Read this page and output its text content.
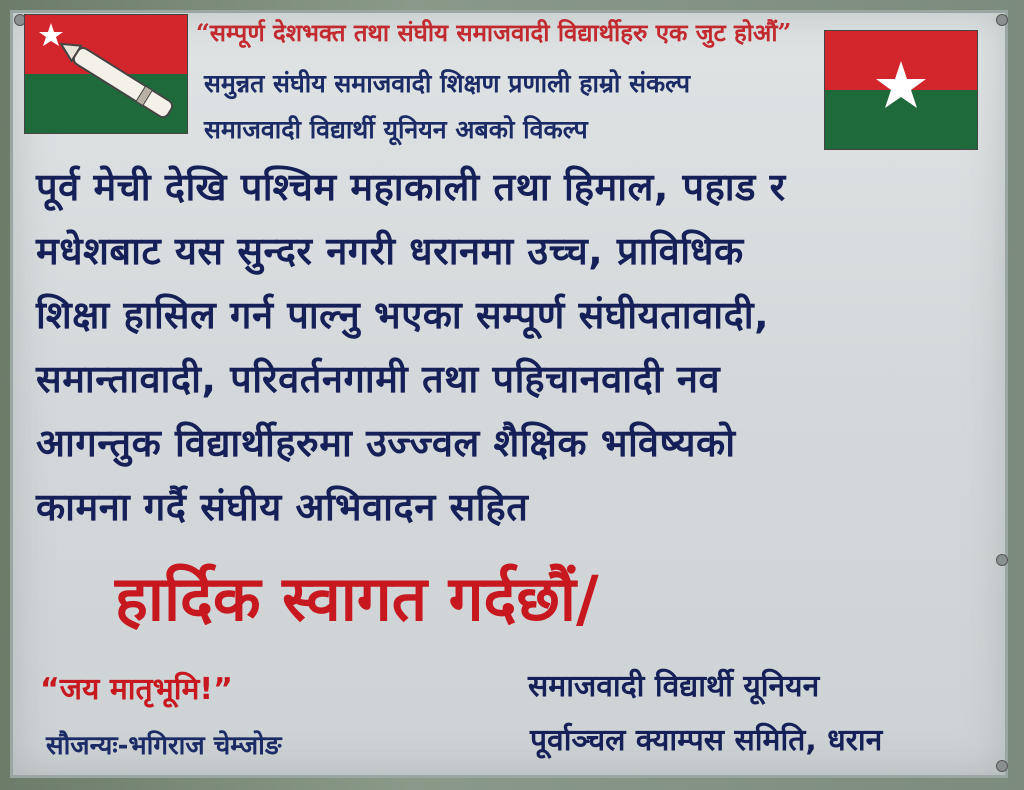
“सम्पूर्ण देशभक्त तथा संघीय समाजवादी विद्यार्थीहरु एक जुट होऔं”
समुन्नत संघीय समाजवादी शिक्षण प्रणाली हाम्रो संकल्प
समाजवादी विद्यार्थी यूनियन अबको विकल्प
पूर्व मेची देखि पश्चिम महाकाली तथा हिमाल, पहाड र
मधेशबाट यस सुन्दर नगरी धरानमा उच्च, प्राविधिक
शिक्षा हासिल गर्न पाल्नु भएका सम्पूर्ण संघीयतावादी,
समान्तावादी, परिवर्तनगामी तथा पहिचानवादी नव
आगन्तुक विद्यार्थीहरुमा उज्ज्वल शैक्षिक भविष्यको
कामना गर्दै संघीय अभिवादन सहित
हार्दिक स्वागत गर्दछौं/
“जय मातृभूमि!”
सौजन्यः-भगिराज चेम्जोङ
समाजवादी विद्यार्थी यूनियन
पूर्वाञ्चल क्याम्पस समिति, धरान
